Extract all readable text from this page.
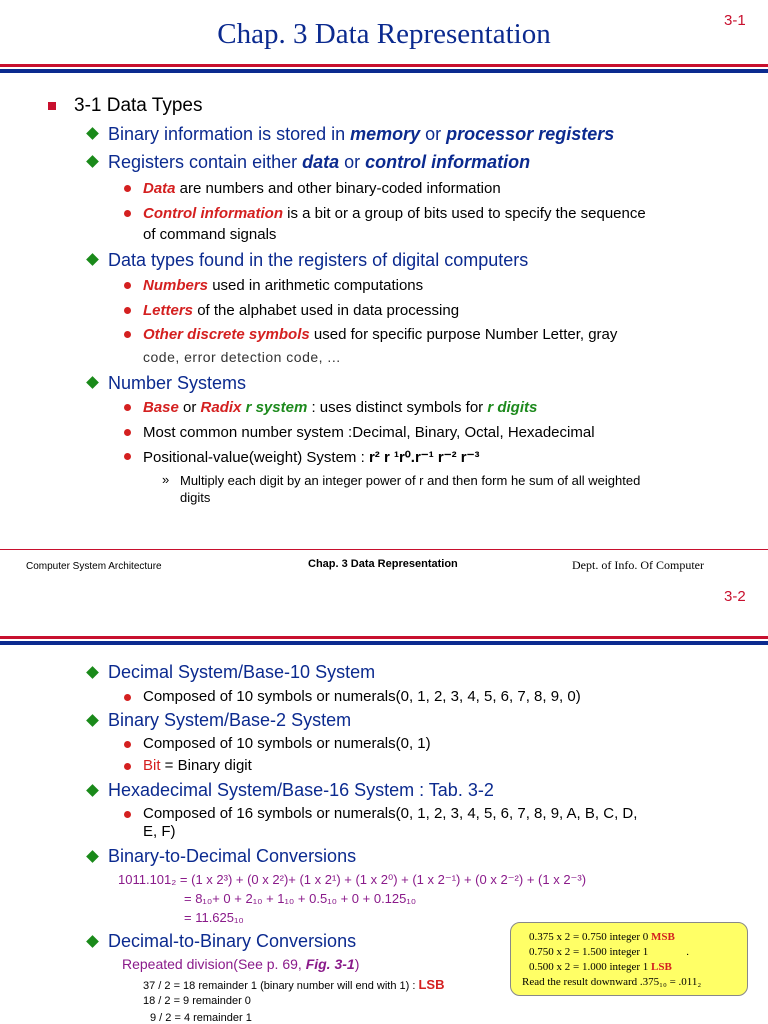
Chap. 3 Data Representation	3-1
3-1 Data Types
Binary information is stored in memory or processor registers
Registers contain either data or control information
Data are numbers and other binary-coded information
Control information is a bit or a group of bits used to specify the sequence
of command signals
Data types found in the registers of digital computers
Numbers used in arithmetic computations
Letters of the alphabet used in data processing
Other discrete symbols used for specific purpose Number Letter, gray
code, error detection code, ...
Number Systems
Base or Radix r system : uses distinct symbols for r digits
Most common number system :Decimal, Binary, Octal, Hexadecimal
Positional-value(weight) System : r² r ¹r⁰.r⁻¹ r⁻² r⁻³
» Multiply each digit by an integer power of r and then form he sum of all weighted
digits
Computer System Architecture	Chap. 3 Data Representation	Dept. of Info. Of Computer
3-2
Decimal System/Base-10 System
Composed of 10 symbols or numerals(0, 1, 2, 3, 4, 5, 6, 7, 8, 9, 0)
Binary System/Base-2 System
Composed of 10 symbols or numerals(0, 1)
Bit = Binary digit
Hexadecimal System/Base-16 System : Tab. 3-2
Composed of 16 symbols or numerals(0, 1, 2, 3, 4, 5, 6, 7, 8, 9, A, B, C, D,
E, F)
Binary-to-Decimal Conversions
1011.101₂ = (1 x 2³) + (0 x 2²)+ (1 x 2¹) + (1 x 2⁰) + (1 x 2⁻¹) + (0 x 2⁻²) + (1 x 2⁻³)
= 8₁₀+ 0 + 2₁₀ + 1₁₀ + 0.5₁₀ + 0 + 0.125₁₀
= 11.625₁₀
Decimal-to-Binary Conversions
Repeated division(See p. 69, Fig. 3-1)
37 / 2 = 18 remainder 1 (binary number will end with 1) : LSB
18 / 2 = 9 remainder 0
9 / 2 = 4 remainder 1
0.375 x 2 = 0.750 integer 0 MSB
0.750 x 2 = 1.500 integer 1	.
0.500 x 2 = 1.000 integer 1 LSB
Read the result downward .375₁₀ = .011₂
